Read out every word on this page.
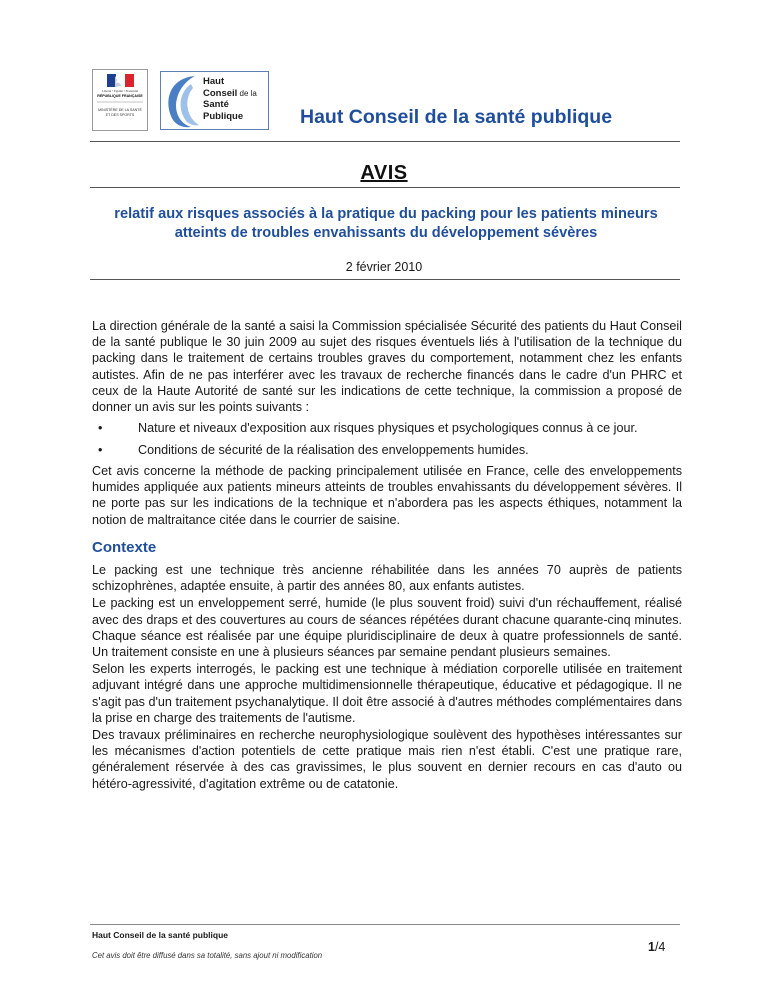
Liberté • Égalité • Fraternité
RÉPUBLIQUE FRANÇAISE
MINISTÈRE DE LA SANTÉ
ET DES SPORTS
Haut
Conseil de la
Santé
Publique	Haut Conseil de la santé publique
AVIS
relatif aux risques associés à la pratique du packing pour les patients mineurs atteints de troubles envahissants du développement sévères
2 février 2010

La direction générale de la santé a saisi la Commission spécialisée Sécurité des patients du Haut Conseil de la santé publique le 30 juin 2009 au sujet des risques éventuels liés à l'utilisation de la technique du packing dans le traitement de certains troubles graves du comportement, notamment chez les enfants autistes. Afin de ne pas interférer avec les travaux de recherche financés dans le cadre d'un PHRC et ceux de la Haute Autorité de santé sur les indications de cette technique, la commission a proposé de donner un avis sur les points suivants :

•	Nature et niveaux d'exposition aux risques physiques et psychologiques connus à ce jour.
•	Conditions de sécurité de la réalisation des enveloppements humides.

Cet avis concerne la méthode de packing principalement utilisée en France, celle des enveloppements humides appliquée aux patients mineurs atteints de troubles envahissants du développement sévères. Il ne porte pas sur les indications de la technique et n'abordera pas les aspects éthiques, notamment la notion de maltraitance citée dans le courrier de saisine.

Contexte

Le packing est une technique très ancienne réhabilitée dans les années 70 auprès de patients schizophrènes, adaptée ensuite, à partir des années 80, aux enfants autistes.

Le packing est un enveloppement serré, humide (le plus souvent froid) suivi d'un réchauffement, réalisé avec des draps et des couvertures au cours de séances répétées durant chacune quarante-cinq minutes. Chaque séance est réalisée par une équipe pluridisciplinaire de deux à quatre professionnels de santé. Un traitement consiste en une à plusieurs séances par semaine pendant plusieurs semaines.

Selon les experts interrogés, le packing est une technique à médiation corporelle utilisée en traitement adjuvant intégré dans une approche multidimensionnelle thérapeutique, éducative et pédagogique. Il ne s'agit pas d'un traitement psychanalytique. Il doit être associé à d'autres méthodes complémentaires dans la prise en charge des traitements de l'autisme.

Des travaux préliminaires en recherche neurophysiologique soulèvent des hypothèses intéressantes sur les mécanismes d'action potentiels de cette pratique mais rien n'est établi. C'est une pratique rare, généralement réservée à des cas gravissimes, le plus souvent en dernier recours en cas d'auto ou hétéro-agressivité, d'agitation extrême ou de catatonie.

Haut Conseil de la santé publique
Cet avis doit être diffusé dans sa totalité, sans ajout ni modification
1/4
